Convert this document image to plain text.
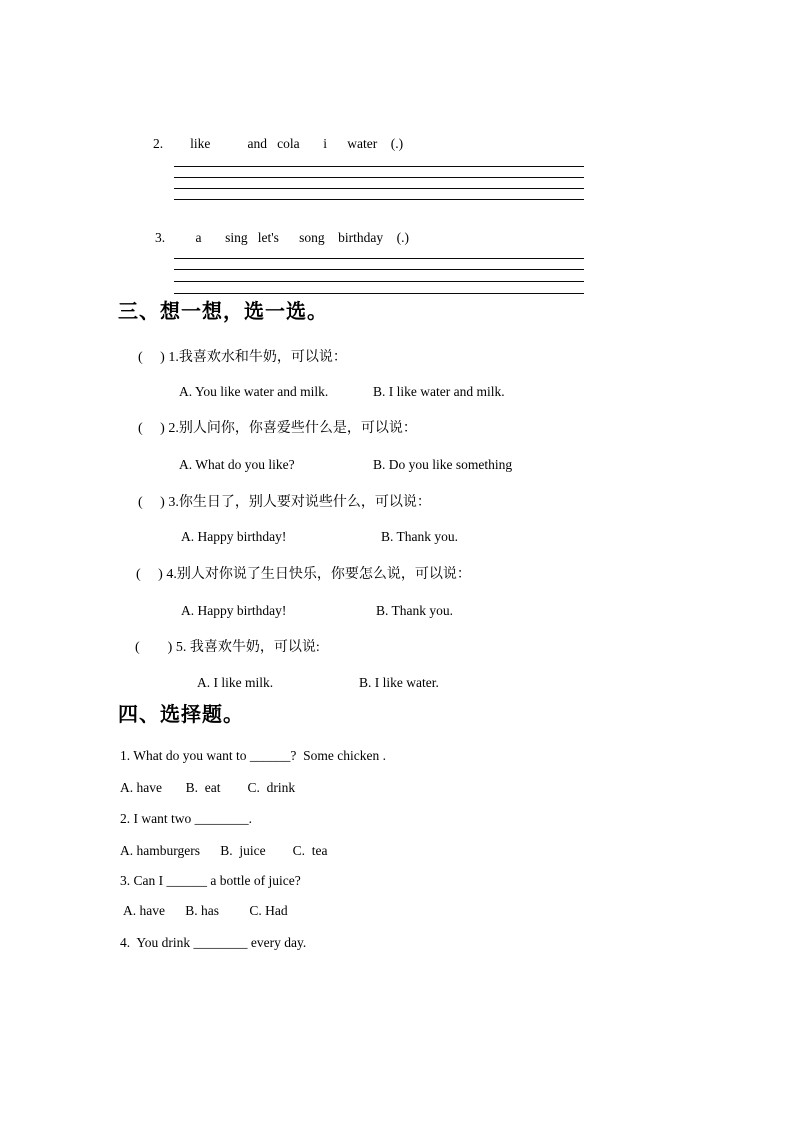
2.        like           and   cola       i      water    (.)
3.         a       sing   let's      song    birthday    (.)
三、想一想，选一选。
(     ) 1.我喜欢水和牛奶，可以说：
A. You like water and milk.	B. I like water and milk.
(     ) 2.别人问你，你喜爱些什么是，可以说：
A. What do you like?	B. Do you like something
(     ) 3.你生日了，别人要对说些什么，可以说：
A. Happy birthday!	B. Thank you.
(     ) 4.别人对你说了生日快乐，你要怎么说，可以说：
A. Happy birthday!	B. Thank you.
(        ) 5. 我喜欢牛奶，可以说:
A. I like milk.	B. I like water.
四、选择题。
1. What do you want to ______?  Some chicken .
A. have       B.  eat        C.  drink
2. I want two ________.
A. hamburgers      B.  juice        C.  tea
3. Can I ______ a bottle of juice?
A. have      B. has         C. Had
4.  You drink ________ every day.
